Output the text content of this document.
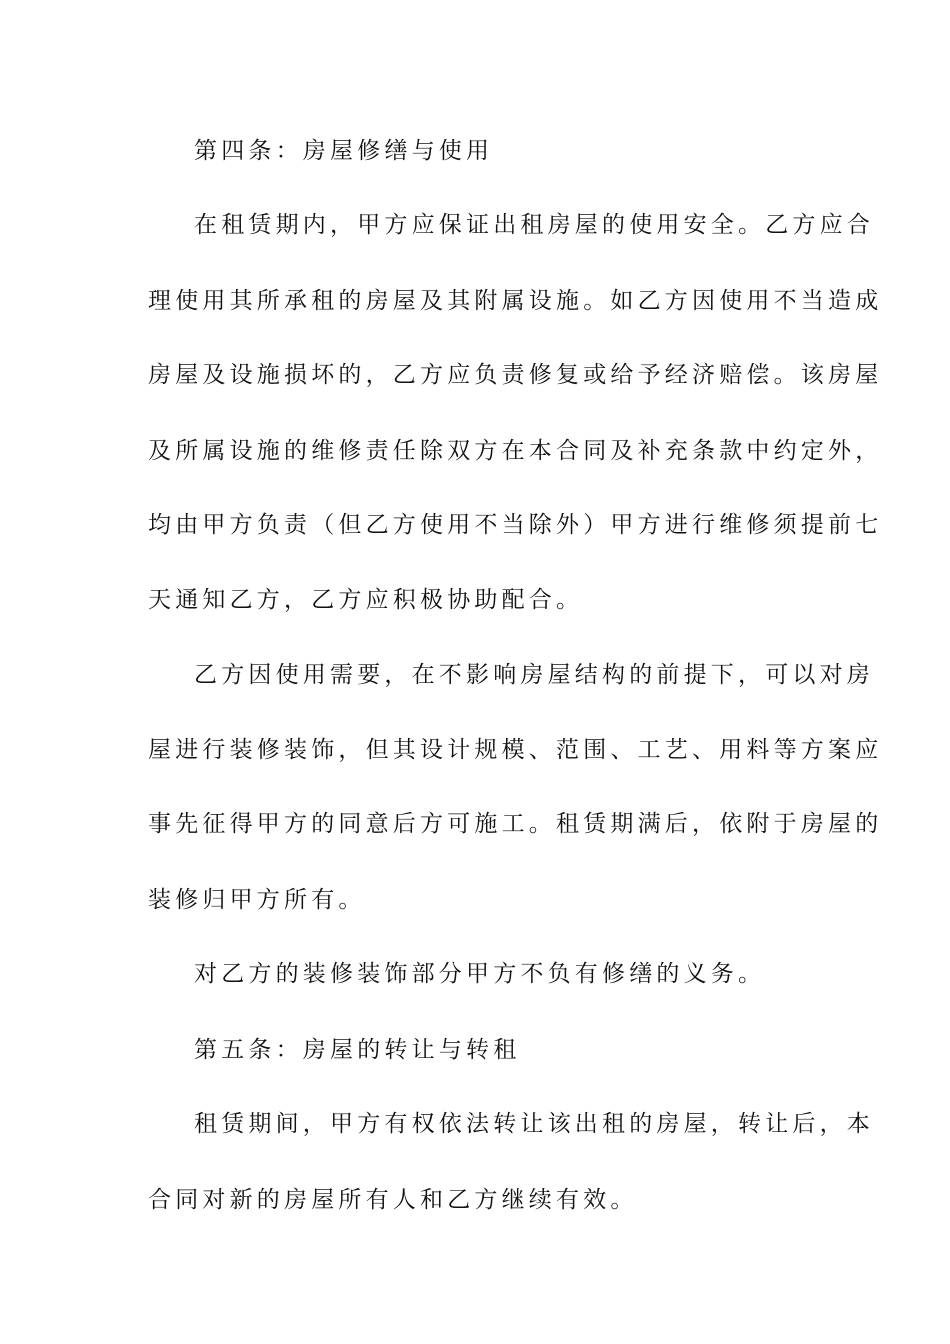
第四条：房屋修缮与使用
在租赁期内，甲方应保证出租房屋的使用安全。乙方应合
理使用其所承租的房屋及其附属设施。如乙方因使用不当造成
房屋及设施损坏的，乙方应负责修复或给予经济赔偿。该房屋
及所属设施的维修责任除双方在本合同及补充条款中约定外，
均由甲方负责（但乙方使用不当除外）甲方进行维修须提前七
天通知乙方，乙方应积极协助配合。
乙方因使用需要，在不影响房屋结构的前提下，可以对房
屋进行装修装饰，但其设计规模、范围、工艺、用料等方案应
事先征得甲方的同意后方可施工。租赁期满后，依附于房屋的
装修归甲方所有。
对乙方的装修装饰部分甲方不负有修缮的义务。
第五条：房屋的转让与转租
租赁期间，甲方有权依法转让该出租的房屋，转让后，本
合同对新的房屋所有人和乙方继续有效。
